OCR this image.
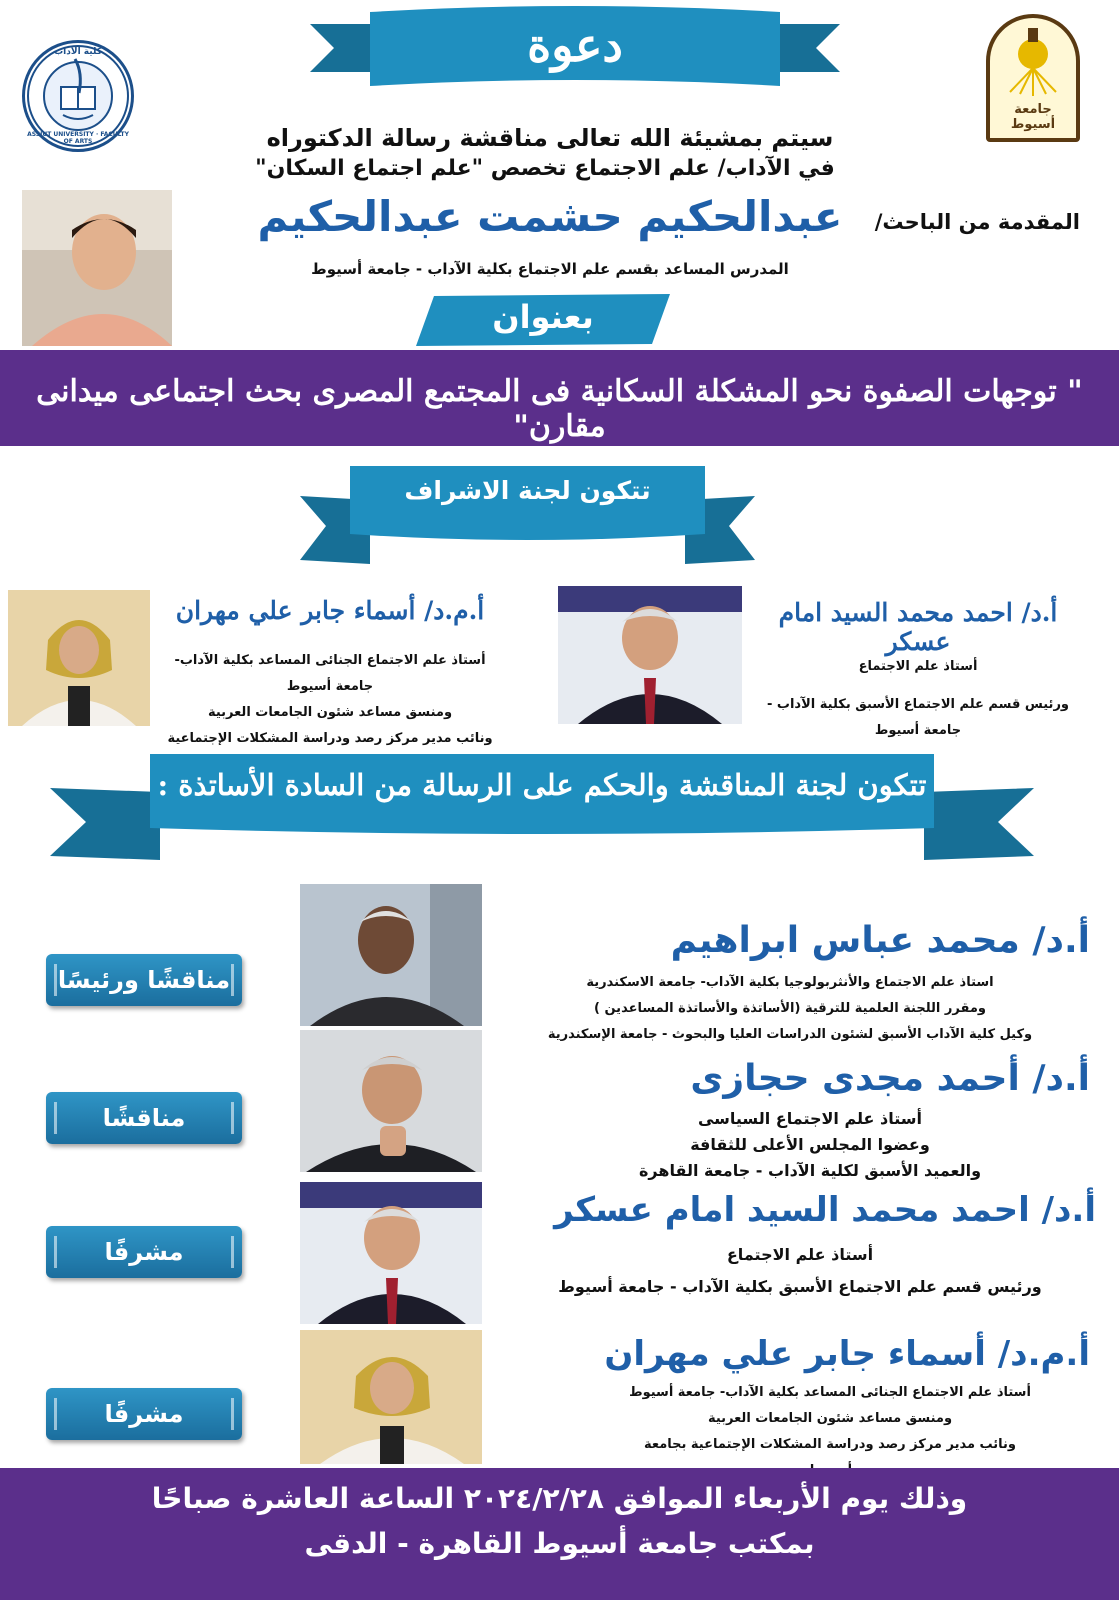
كلية الآداب
ASSIUT UNIVERSITY · FACULTY OF ARTS
جامعة أسيوط
دعوة
سيتم بمشيئة الله تعالى مناقشة رسالة الدكتوراه
في الآداب/ علم الاجتماع تخصص "علم اجتماع السكان"
المقدمة من الباحث/
عبدالحكيم حشمت عبدالحكيم
المدرس المساعد بقسم علم الاجتماع بكلية الآداب - جامعة أسيوط
بعنوان
" توجهات الصفوة نحو المشكلة السكانية فى المجتمع المصرى بحث اجتماعى ميدانى مقارن"
تتكون لجنة الاشراف
أ.د/ احمد محمد السيد امام عسكر
أستاذ علم الاجتماع
ورئيس قسم علم الاجتماع الأسبق بكلية الآداب - جامعة أسيوط
أ.م.د/ أسماء جابر علي مهران
أستاذ علم الاجتماع الجنائى المساعد بكلية الآداب- جامعة أسيوط
ومنسق مساعد شئون الجامعات العربية
ونائب مدير مركز رصد ودراسة المشكلات الإجتماعية
تتكون لجنة المناقشة والحكم على الرسالة من السادة الأساتذة :
أ.د/ محمد عباس ابراهيم
استاذ علم الاجتماع والأنثربولوجيا بكلية الآداب- جامعة الاسكندرية
ومقرر اللجنة العلمية للترقية (الأساتذة والأساتذة المساعدين )
وكيل كلية الآداب الأسبق لشئون الدراسات العليا والبحوث - جامعة الإسكندرية
مناقشًا ورئيسًا
أ.د/ أحمد مجدى حجازى
أستاذ علم الاجتماع السياسى
وعضوا المجلس الأعلى للثقافة
والعميد الأسبق لكلية الآداب - جامعة القاهرة
مناقشًا
أ.د/ احمد محمد السيد امام عسكر
أستاذ علم الاجتماع
ورئيس قسم علم الاجتماع الأسبق بكلية الآداب - جامعة أسيوط
مشرفًا
أ.م.د/ أسماء جابر علي مهران
أستاذ علم الاجتماع الجنائى المساعد بكلية الآداب- جامعة أسيوط
ومنسق مساعد شئون الجامعات العربية
ونائب مدير مركز رصد ودراسة المشكلات الإجتماعية بجامعة
مشرفًا
وذلك يوم الأربعاء الموافق ٢٠٢٤/٢/٢٨ الساعة العاشرة صباحًا
بمكتب جامعة أسيوط القاهرة - الدقى
